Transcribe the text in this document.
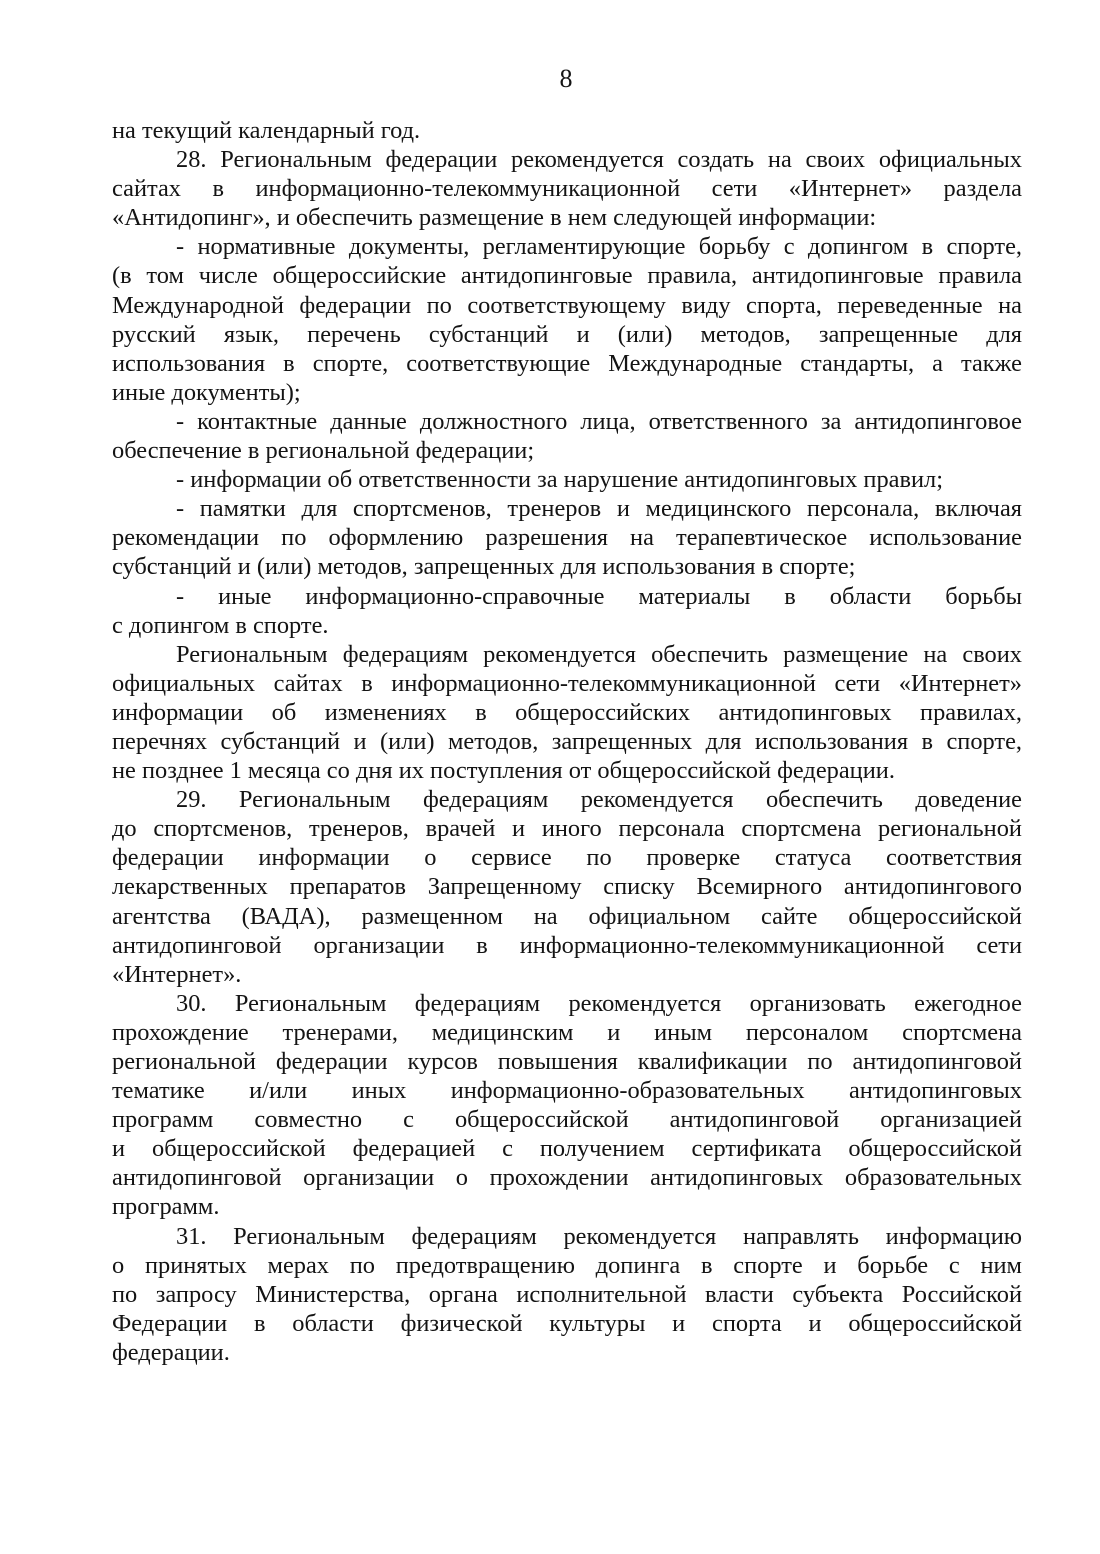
8
на текущий календарный год.
28. Региональным федерации рекомендуется создать на своих официальных
сайтах в информационно-телекоммуникационной сети «Интернет» раздела
«Антидопинг», и обеспечить размещение в нем следующей информации:
- нормативные документы, регламентирующие борьбу с допингом в спорте,
(в том числе общероссийские антидопинговые правила, антидопинговые правила
Международной федерации по соответствующему виду спорта, переведенные на
русский язык, перечень субстанций и (или) методов, запрещенные для
использования в спорте, соответствующие Международные стандарты, а также
иные документы);
- контактные данные должностного лица, ответственного за антидопинговое
обеспечение в региональной федерации;
- информации об ответственности за нарушение антидопинговых правил;
- памятки для спортсменов, тренеров и медицинского персонала, включая
рекомендации по оформлению разрешения на терапевтическое использование
субстанций и (или) методов, запрещенных для использования в спорте;
- иные информационно-справочные материалы в области борьбы
с допингом в спорте.
Региональным федерациям рекомендуется обеспечить размещение на своих
официальных сайтах в информационно-телекоммуникационной сети «Интернет»
информации об изменениях в общероссийских антидопинговых правилах,
перечнях субстанций и (или) методов, запрещенных для использования в спорте,
не позднее 1 месяца со дня их поступления от общероссийской федерации.
29. Региональным федерациям рекомендуется обеспечить доведение
до спортсменов, тренеров, врачей и иного персонала спортсмена региональной
федерации информации о сервисе по проверке статуса соответствия
лекарственных препаратов Запрещенному списку Всемирного антидопингового
агентства (ВАДА), размещенном на официальном сайте общероссийской
антидопинговой организации в информационно-телекоммуникационной сети
«Интернет».
30. Региональным федерациям рекомендуется организовать ежегодное
прохождение тренерами, медицинским и иным персоналом спортсмена
региональной федерации курсов повышения квалификации по антидопинговой
тематике и/или иных информационно-образовательных антидопинговых
программ совместно с общероссийской антидопинговой организацией
и общероссийской федерацией с получением сертификата общероссийской
антидопинговой организации о прохождении антидопинговых образовательных
программ.
31. Региональным федерациям рекомендуется направлять информацию
о принятых мерах по предотвращению допинга в спорте и борьбе с ним
по запросу Министерства, органа исполнительной власти субъекта Российской
Федерации в области физической культуры и спорта и общероссийской
федерации.
